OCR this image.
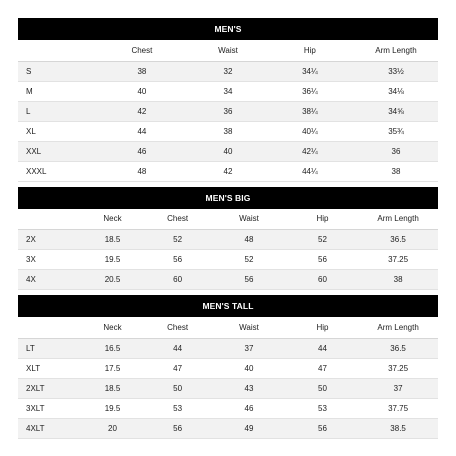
MEN'S
	Chest	Waist	Hip	Arm Length
S	38	32	34¼	33½
M	40	34	36¼	34⅛
L	42	36	38¼	34⅝
XL	44	38	40¼	35¾
XXL	46	40	42¼	36
XXXL	48	42	44¼	38
MEN'S BIG
	Neck	Chest	Waist	Hip	Arm Length
2X	18.5	52	48	52	36.5
3X	19.5	56	52	56	37.25
4X	20.5	60	56	60	38
MEN'S TALL
	Neck	Chest	Waist	Hip	Arm Length
LT	16.5	44	37	44	36.5
XLT	17.5	47	40	47	37.25
2XLT	18.5	50	43	50	37
3XLT	19.5	53	46	53	37.75
4XLT	20	56	49	56	38.5
